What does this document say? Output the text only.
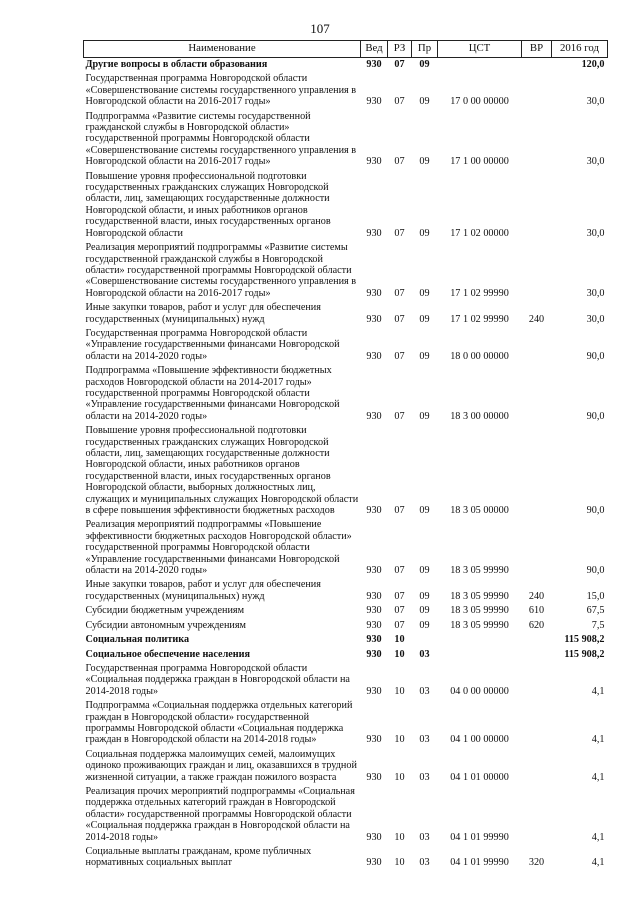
107
Наименование	Вед	РЗ	Пр	ЦСТ	ВР	2016 год
Другие вопросы в области образования	930	07	09			120,0
Государственная программа Новгородской области «Совершенствование системы государственного управления в Новгородской области на 2016-2017 годы»	930	07	09	17 0 00 00000		30,0
Подпрограмма «Развитие системы государственной гражданской службы в Новгородской области» государственной программы Новгородской области «Совершенствование системы государственного управления в Новгородской области на 2016-2017 годы»	930	07	09	17 1 00 00000		30,0
Повышение уровня профессиональной подготовки государственных гражданских служащих Новгородской области, лиц, замещающих государственные должности Новгородской области, и иных работников органов государственной власти, иных государственных органов Новгородской области	930	07	09	17 1 02 00000		30,0
Реализация мероприятий подпрограммы «Развитие системы государственной гражданской службы в Новгородской области» государственной программы Новгородской области «Совершенствование системы государственного управления в Новгородской области на 2016-2017 годы»	930	07	09	17 1 02 99990		30,0
Иные закупки товаров, работ и услуг для обеспечения государственных (муниципальных) нужд	930	07	09	17 1 02 99990	240	30,0
Государственная программа Новгородской области «Управление государственными финансами Новгородской области на 2014-2020 годы»	930	07	09	18 0 00 00000		90,0
Подпрограмма «Повышение эффективности бюджетных расходов Новгородской области на 2014-2017 годы» государственной программы Новгородской области «Управление государственными финансами Новгородской области на 2014-2020 годы»	930	07	09	18 3 00 00000		90,0
Повышение уровня профессиональной подготовки государственных гражданских служащих Новгородской области, лиц, замещающих государственные должности Новгородской области, иных работников органов государственной власти, иных государственных органов Новгородской области, выборных должностных лиц, служащих и муниципальных служащих Новгородской области в сфере повышения эффективности бюджетных расходов	930	07	09	18 3 05 00000		90,0
Реализация мероприятий подпрограммы «Повышение эффективности бюджетных расходов Новгородской области» государственной программы Новгородской области «Управление государственными финансами Новгородской области на 2014-2020 годы»	930	07	09	18 3 05 99990		90,0
Иные закупки товаров, работ и услуг для обеспечения государственных (муниципальных) нужд	930	07	09	18 3 05 99990	240	15,0
Субсидии бюджетным учреждениям	930	07	09	18 3 05 99990	610	67,5
Субсидии автономным учреждениям	930	07	09	18 3 05 99990	620	7,5
Социальная политика	930	10				115 908,2
Социальное обеспечение населения	930	10	03			115 908,2
Государственная программа Новгородской области «Социальная поддержка граждан в Новгородской области на 2014-2018 годы»	930	10	03	04 0 00 00000		4,1
Подпрограмма «Социальная поддержка отдельных категорий граждан в Новгородской области» государственной программы Новгородской области «Социальная поддержка граждан в Новгородской области на 2014-2018 годы»	930	10	03	04 1 00 00000		4,1
Социальная поддержка малоимущих семей, малоимущих одиноко проживающих граждан и лиц, оказавшихся в трудной жизненной ситуации, а также граждан пожилого возраста	930	10	03	04 1 01 00000		4,1
Реализация прочих мероприятий подпрограммы «Социальная поддержка отдельных категорий граждан в Новгородской области» государственной программы Новгородской области «Социальная поддержка граждан в Новгородской области на 2014-2018 годы»	930	10	03	04 1 01 99990		4,1
Социальные выплаты гражданам, кроме публичных нормативных социальных выплат	930	10	03	04 1 01 99990	320	4,1
